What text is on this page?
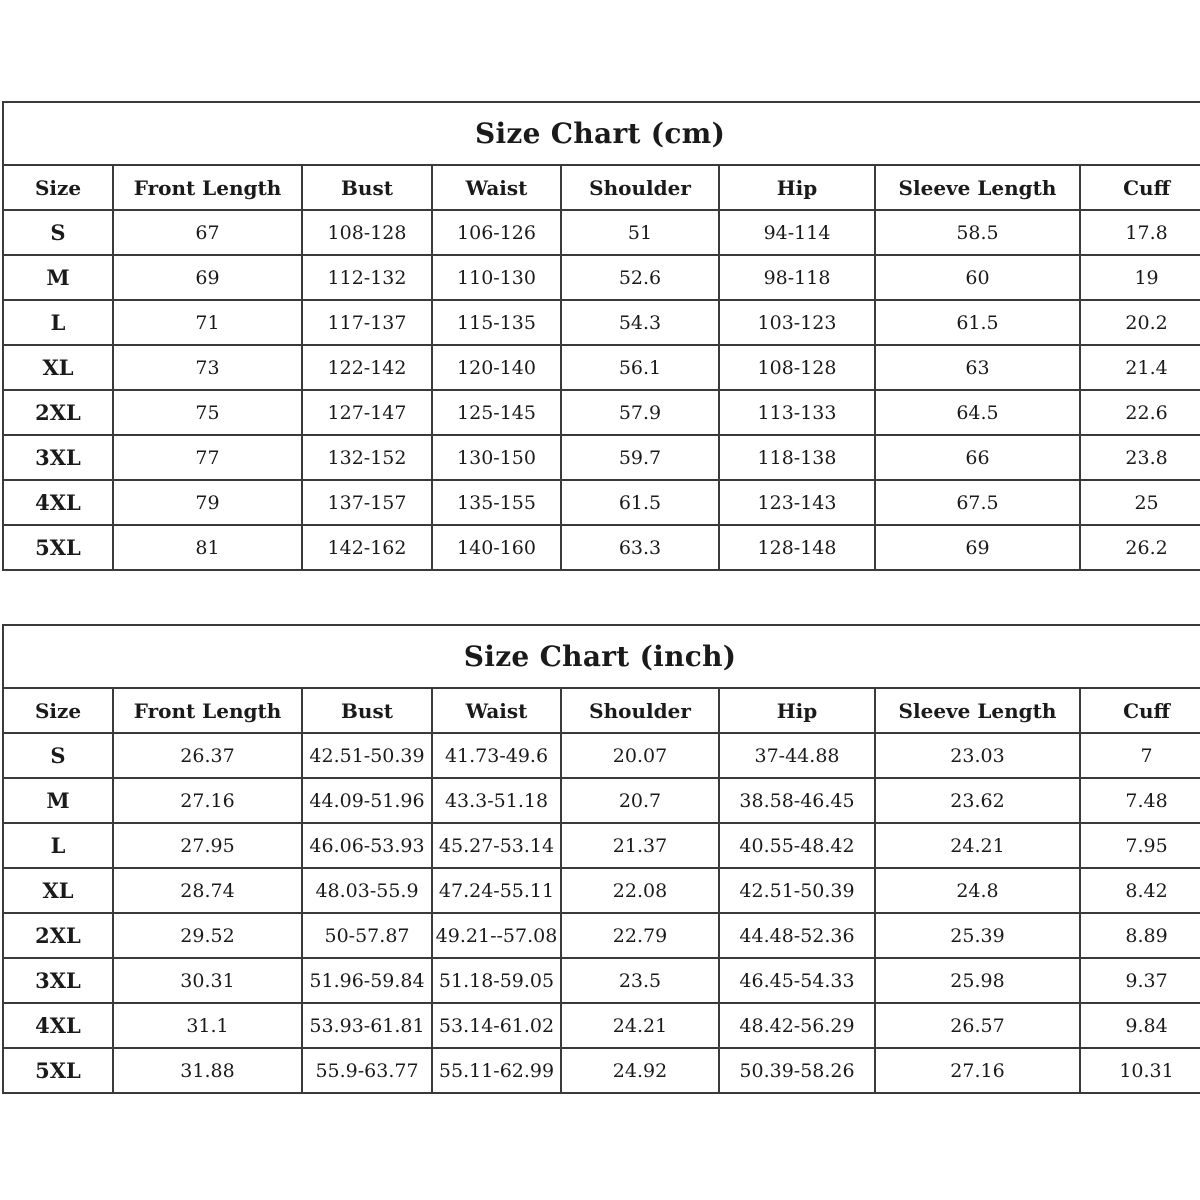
Size Chart (cm)							
Size	Front Length	Bust	Waist	Shoulder	Hip	Sleeve Length	Cuff
S	67	108-128	106-126	51	94-114	58.5	17.8
M	69	112-132	110-130	52.6	98-118	60	19
L	71	117-137	115-135	54.3	103-123	61.5	20.2
XL	73	122-142	120-140	56.1	108-128	63	21.4
2XL	75	127-147	125-145	57.9	113-133	64.5	22.6
3XL	77	132-152	130-150	59.7	118-138	66	23.8
4XL	79	137-157	135-155	61.5	123-143	67.5	25
5XL	81	142-162	140-160	63.3	128-148	69	26.2
Size Chart (inch)							
Size	Front Length	Bust	Waist	Shoulder	Hip	Sleeve Length	Cuff
S	26.37	42.51-50.39	41.73-49.6	20.07	37-44.88	23.03	7
M	27.16	44.09-51.96	43.3-51.18	20.7	38.58-46.45	23.62	7.48
L	27.95	46.06-53.93	45.27-53.14	21.37	40.55-48.42	24.21	7.95
XL	28.74	48.03-55.9	47.24-55.11	22.08	42.51-50.39	24.8	8.42
2XL	29.52	50-57.87	49.21--57.08	22.79	44.48-52.36	25.39	8.89
3XL	30.31	51.96-59.84	51.18-59.05	23.5	46.45-54.33	25.98	9.37
4XL	31.1	53.93-61.81	53.14-61.02	24.21	48.42-56.29	26.57	9.84
5XL	31.88	55.9-63.77	55.11-62.99	24.92	50.39-58.26	27.16	10.31
